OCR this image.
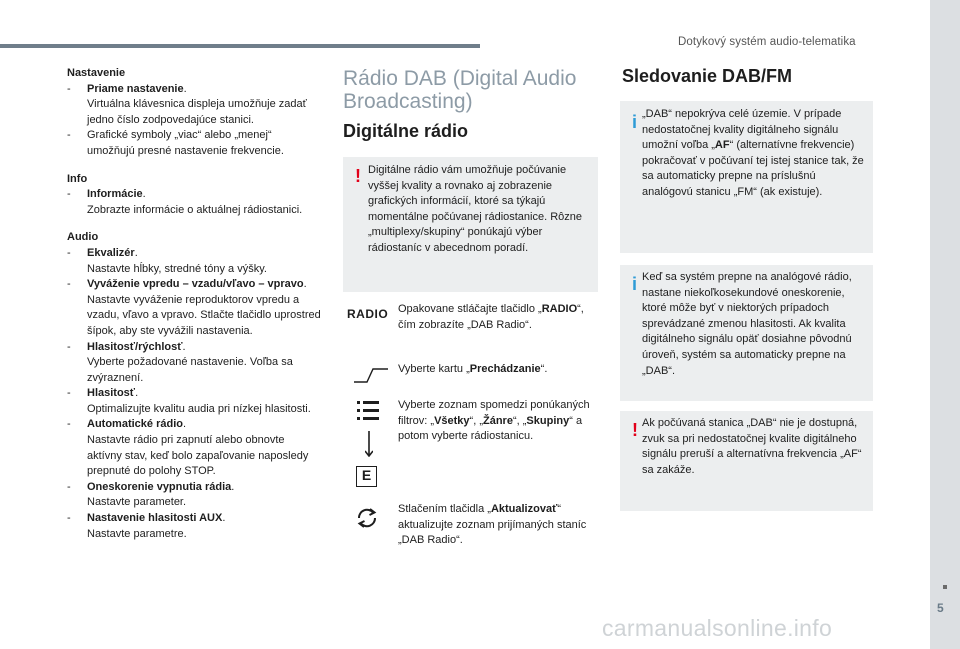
Dotykový systém audio-telematika
5
carmanualsonline.info
Nastavenie
- Priame nastavenie.
Virtuálna klávesnica displeja umožňuje zadať jedno číslo zodpovedajúce stanici.
- Grafické symboly „viac“ alebo „menej“ umožňujú presné nastavenie frekvencie.
Info
- Informácie.
Zobrazte informácie o aktuálnej rádiostanici.
Audio
- Ekvalizér.
Nastavte hĺbky, stredné tóny a výšky.
- Vyváženie vpredu – vzadu/vľavo – vpravo.
Nastavte vyváženie reproduktorov vpredu a vzadu, vľavo a vpravo. Stlačte tlačidlo uprostred šípok, aby ste vyvážili nastavenia.
- Hlasitosť/rýchlosť.
Vyberte požadované nastavenie. Voľba sa zvýraznení.
- Hlasitosť.
Optimalizujte kvalitu audia pri nízkej hlasitosti.
- Automatické rádio.
Nastavte rádio pri zapnutí alebo obnovte aktívny stav, keď bolo zapaľovanie naposledy prepnuté do polohy STOP.
- Oneskorenie vypnutia rádia.
Nastavte parameter.
- Nastavenie hlasitosti AUX.
Nastavte parametre.
Rádio DAB (Digital Audio Broadcasting)
Digitálne rádio
! Digitálne rádio vám umožňuje počúvanie vyššej kvality a rovnako aj zobrazenie grafických informácií, ktoré sa týkajú momentálne počúvanej rádiostanice. Rôzne „multiplexy/skupiny“ ponúkajú výber rádiostaníc v abecednom poradí.
RADIO Opakovane stláčajte tlačidlo „RADIO“, čím zobrazíte „DAB Radio“.
Vyberte kartu „Prechádzanie“.
E
Vyberte zoznam spomedzi ponúkaných filtrov: „Všetky“, „Žánre“, „Skupiny“ a potom vyberte rádiostanicu.
Stlačením tlačidla „Aktualizovať“ aktualizujte zoznam prijímaných staníc „DAB Radio“.
Sledovanie DAB/FM
i „DAB“ nepokrýva celé územie. V prípade nedostatočnej kvality digitálneho signálu umožní voľba „AF“ (alternatívne frekvencie) pokračovať v počúvaní tej istej stanice tak, že sa automaticky prepne na príslušnú analógovú stanicu „FM“ (ak existuje).
i Keď sa systém prepne na analógové rádio, nastane niekoľkosekundové oneskorenie, ktoré môže byť v niektorých prípadoch sprevádzané zmenou hlasitosti. Ak kvalita digitálneho signálu opäť dosiahne pôvodnú úroveň, systém sa automaticky prepne na „DAB“.
! Ak počúvaná stanica „DAB“ nie je dostupná, zvuk sa pri nedostatočnej kvalite digitálneho signálu preruší a alternatívna frekvencia „AF“ sa zakáže.
